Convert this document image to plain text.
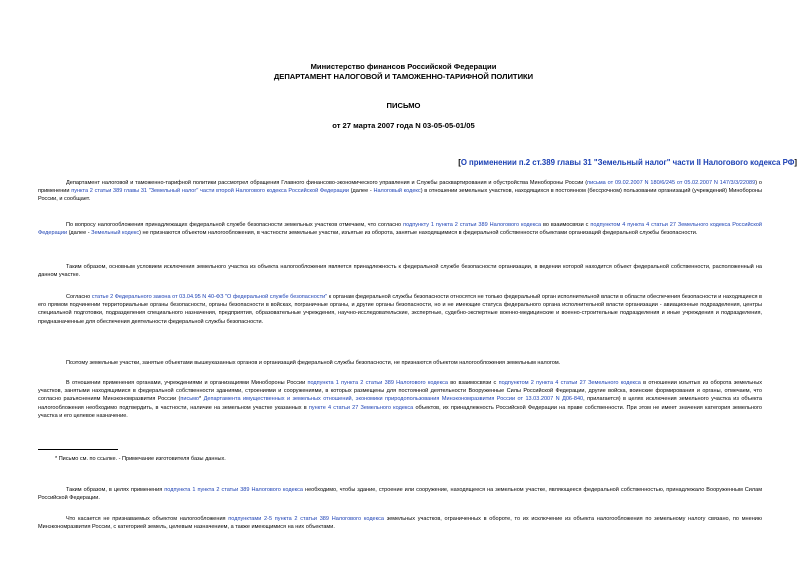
Министерство финансов Российской Федерации
ДЕПАРТАМЕНТ НАЛОГОВОЙ И ТАМОЖЕННО-ТАРИФНОЙ ПОЛИТИКИ
ПИСЬМО
от 27 марта 2007 года N 03-05-05-01/05
[О применении п.2 ст.389 главы 31 "Земельный налог" части II Налогового кодекса РФ]

Департамент налоговой и таможенно-тарифной политики рассмотрел обращения Главного финансово-экономического управления и Службы расквартирования и обустройства Минобороны России (письма от 09.02.2007 N 180/6/245 от 05.02.2007 N 147/3/3/22089) о применении пункта 2 статьи 389 главы 31 "Земельный налог" части второй Налогового кодекса Российской Федерации (далее - Налоговый кодекс) в отношении земельных участков, находящихся в постоянном (бессрочном) пользовании организаций (учреждений) Минобороны России, и сообщает.

По вопросу налогообложения принадлежащих федеральной службе безопасности земельных участков отмечаем, что согласно подпункту 1 пункта 2 статьи 389 Налогового кодекса во взаимосвязи с подпунктом 4 пункта 4 статьи 27 Земельного кодекса Российской Федерации (далее - Земельный кодекс) не признаются объектом налогообложения, в частности земельные участки, изъятые из оборота, занятые находящимися в федеральной собственности объектами организаций федеральной службы безопасности.

Таким образом, основным условием исключения земельного участка из объекта налогообложения является принадлежность к федеральной службе безопасности организации, в ведении которой находится объект федеральной собственности, расположенный на данном участке.

Согласно статье 2 Федерального закона от 03.04.95 N 40-ФЗ "О федеральной службе безопасности" к органам федеральной службы безопасности относятся не только федеральный орган исполнительной власти в области обеспечения безопасности и находящиеся в его прямом подчинении территориальные органы безопасности, органы безопасности в войсках, пограничные органы, и другие органы безопасности, но и не имеющие статуса федерального органа исполнительной власти организации - авиационные подразделения, центры специальной подготовки, подразделения специального назначения, предприятия, образовательные учреждения, научно-исследовательские, экспертные, судебно-экспертные военно-медицинские и военно-строительные подразделения и иные учреждения и подразделения, предназначенные для обеспечения деятельности федеральной службы безопасности.

Поэтому земельные участки, занятые объектами вышеуказанных органов и организаций федеральной службы безопасности, не признаются объектом налогообложения земельным налогом.

В отношении применения органами, учреждениями и организациями Минобороны России подпункта 1 пункта 2 статьи 389 Налогового кодекса во взаимосвязи с подпунктом 2 пункта 4 статьи 27 Земельного кодекса в отношении изъятых из оборота земельных участков, занятыми находящимися в федеральной собственности зданиями, строениями и сооружениями, в которых размещены для постоянной деятельности Вооруженные Силы Российской Федерации, другие войска, воинские формирования и органы, отмечаем, что согласно разъяснениям Минэкономразвития России (письмо* Департамента имущественных и земельных отношений, экономики природопользования Минэкономразвития России от 13.03.2007 N Д06-840, прилагается) в целях исключения земельного участка из объекта налогообложения необходимо подтвердить, в частности, наличие на земельном участке указанных в пункте 4 статьи 27 Земельного кодекса объектов, их принадлежность Российской Федерации на праве собственности. При этом не имеет значения категория земельного участка и его целевое назначение.

* Письмо см. по ссылке. - Примечание изготовителя базы данных.

Таким образом, в целях применения подпункта 1 пункта 2 статьи 389 Налогового кодекса необходимо, чтобы здание, строение или сооружение, находящееся на земельном участке, являющееся федеральной собственностью, принадлежало Вооруженным Силам Российской Федерации.

Что касается не признаваемых объектом налогообложения подпунктами 2-5 пункта 2 статьи 389 Налогового кодекса земельных участков, ограниченных в обороте, то их исключение из объекта налогообложения по земельному налогу связано, по мнению Минэкономразвития России, с категорией земель, целевым назначением, а также имеющимися на них объектами.
